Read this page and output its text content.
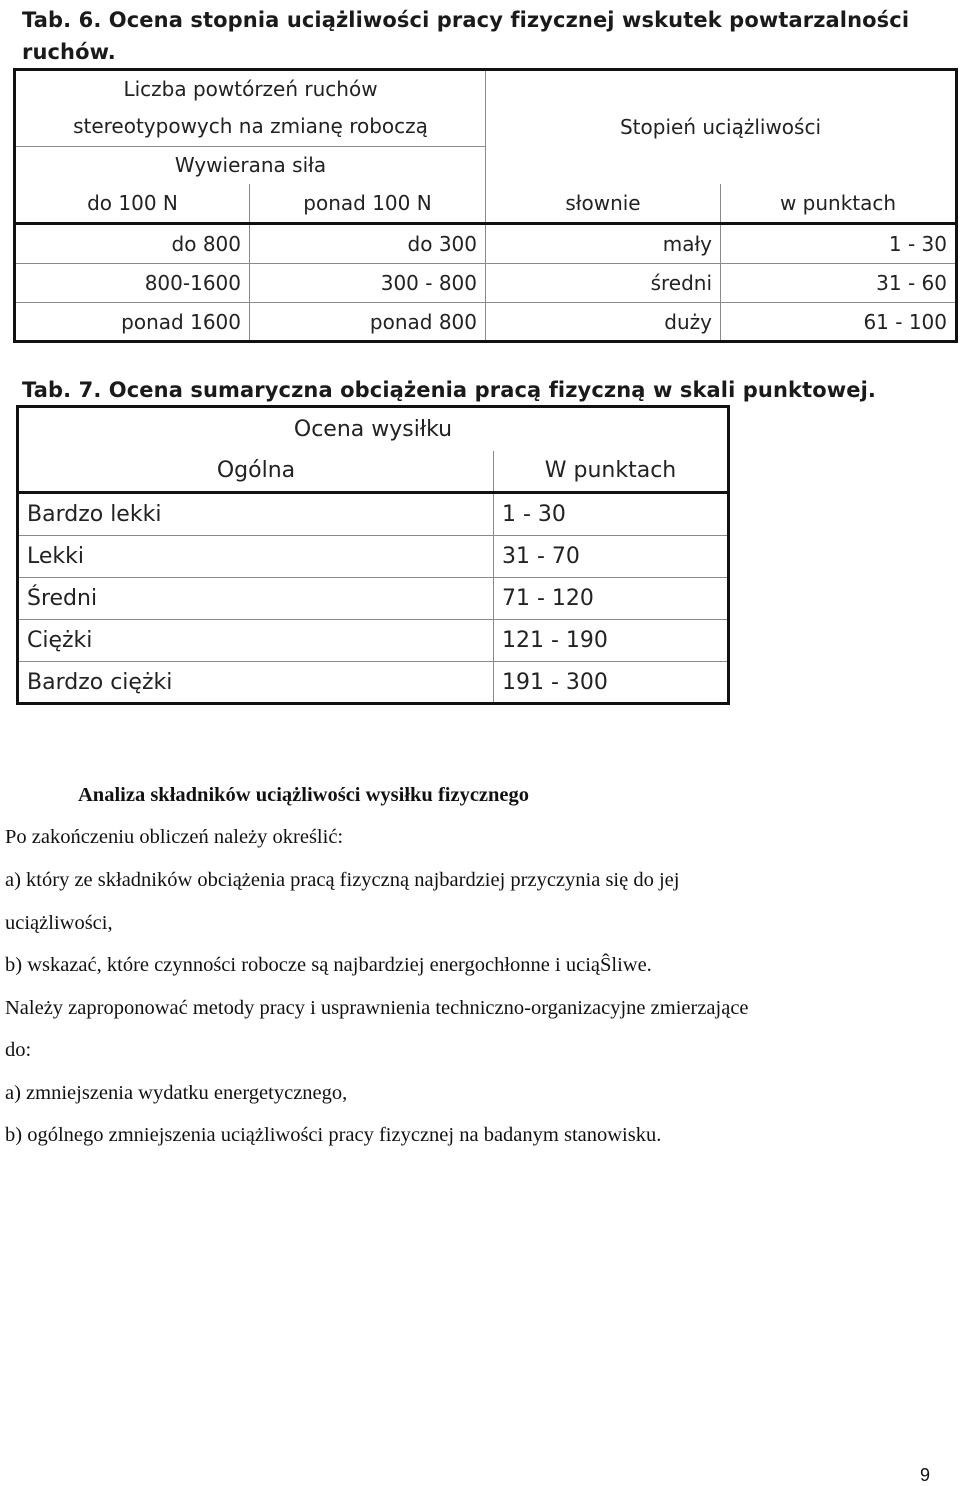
Tab. 6. Ocena stopnia uciążliwości pracy fizycznej wskutek powtarzalności ruchów.

Liczba powtórzeń ruchów		Stopień uciążliwości	
stereotypowych na zmianę roboczą			
Wywierana siła			
do 100 N	ponad 100 N	słownie	w punktach
do 800	do 300	mały	1 - 30
800-1600	300 - 800	średni	31 - 60
ponad 1600	ponad 800	duży	61 - 100

Tab. 7. Ocena sumaryczna obciążenia pracą fizyczną w skali punktowej.

Ocena wysiłku	
Ogólna	W punktach
Bardzo lekki	1 - 30
Lekki	31 - 70
Średni	71 - 120
Ciężki	121 - 190
Bardzo ciężki	191 - 300

Analiza składników uciążliwości wysiłku fizycznego

Po zakończeniu obliczeń należy określić:

a) który ze składników obciążenia pracą fizyczną najbardziej przyczynia się do jej

uciążliwości,

b) wskazać, które czynności robocze są najbardziej energochłonne i uciąŜliwe.

Należy zaproponować metody pracy i usprawnienia techniczno-organizacyjne zmierzające

do:

a) zmniejszenia wydatku energetycznego,

b) ogólnego zmniejszenia uciążliwości pracy fizycznej na badanym stanowisku.

9
